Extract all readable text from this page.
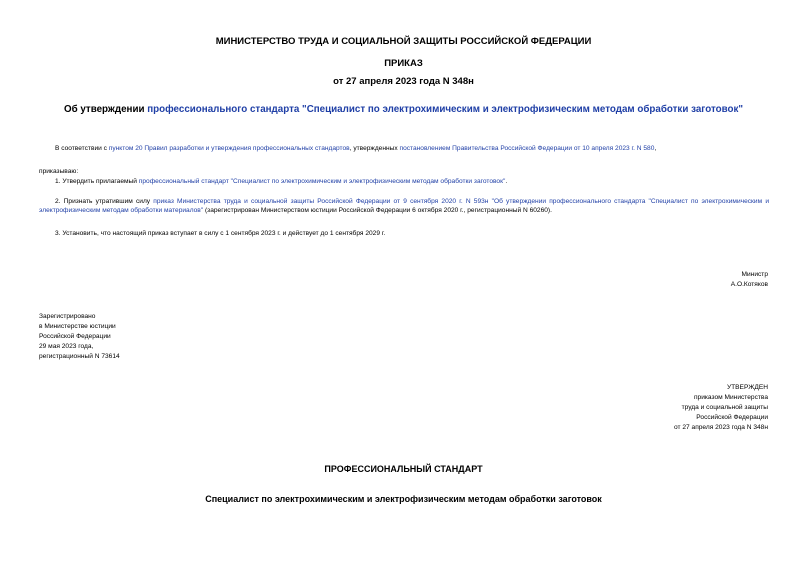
МИНИСТЕРСТВО ТРУДА И СОЦИАЛЬНОЙ ЗАЩИТЫ РОССИЙСКОЙ ФЕДЕРАЦИИ
ПРИКАЗ
от 27 апреля 2023 года N 348н
Об утверждении профессионального стандарта "Специалист по электрохимическим и электрофизическим методам обработки заготовок"
В соответствии с пунктом 20 Правил разработки и утверждения профессиональных стандартов, утвержденных постановлением Правительства Российской Федерации от 10 апреля 2023 г. N 580,
приказываю:
1. Утвердить прилагаемый профессиональный стандарт "Специалист по электрохимическим и электрофизическим методам обработки заготовок".
2. Признать утратившим силу приказ Министерства труда и социальной защиты Российской Федерации от 9 сентября 2020 г. N 593н "Об утверждении профессионального стандарта "Специалист по электрохимическим и электрофизическим методам обработки материалов" (зарегистрирован Министерством юстиции Российской Федерации 6 октября 2020 г., регистрационный N 60260).
3. Установить, что настоящий приказ вступает в силу с 1 сентября 2023 г. и действует до 1 сентября 2029 г.
Министр
А.О.Котяков
Зарегистрировано
в Министерстве юстиции
Российской Федерации
29 мая 2023 года,
регистрационный N 73614
УТВЕРЖДЕН
приказом Министерства
труда и социальной защиты
Российской Федерации
от 27 апреля 2023 года N 348н
ПРОФЕССИОНАЛЬНЫЙ СТАНДАРТ
Специалист по электрохимическим и электрофизическим методам обработки заготовок
